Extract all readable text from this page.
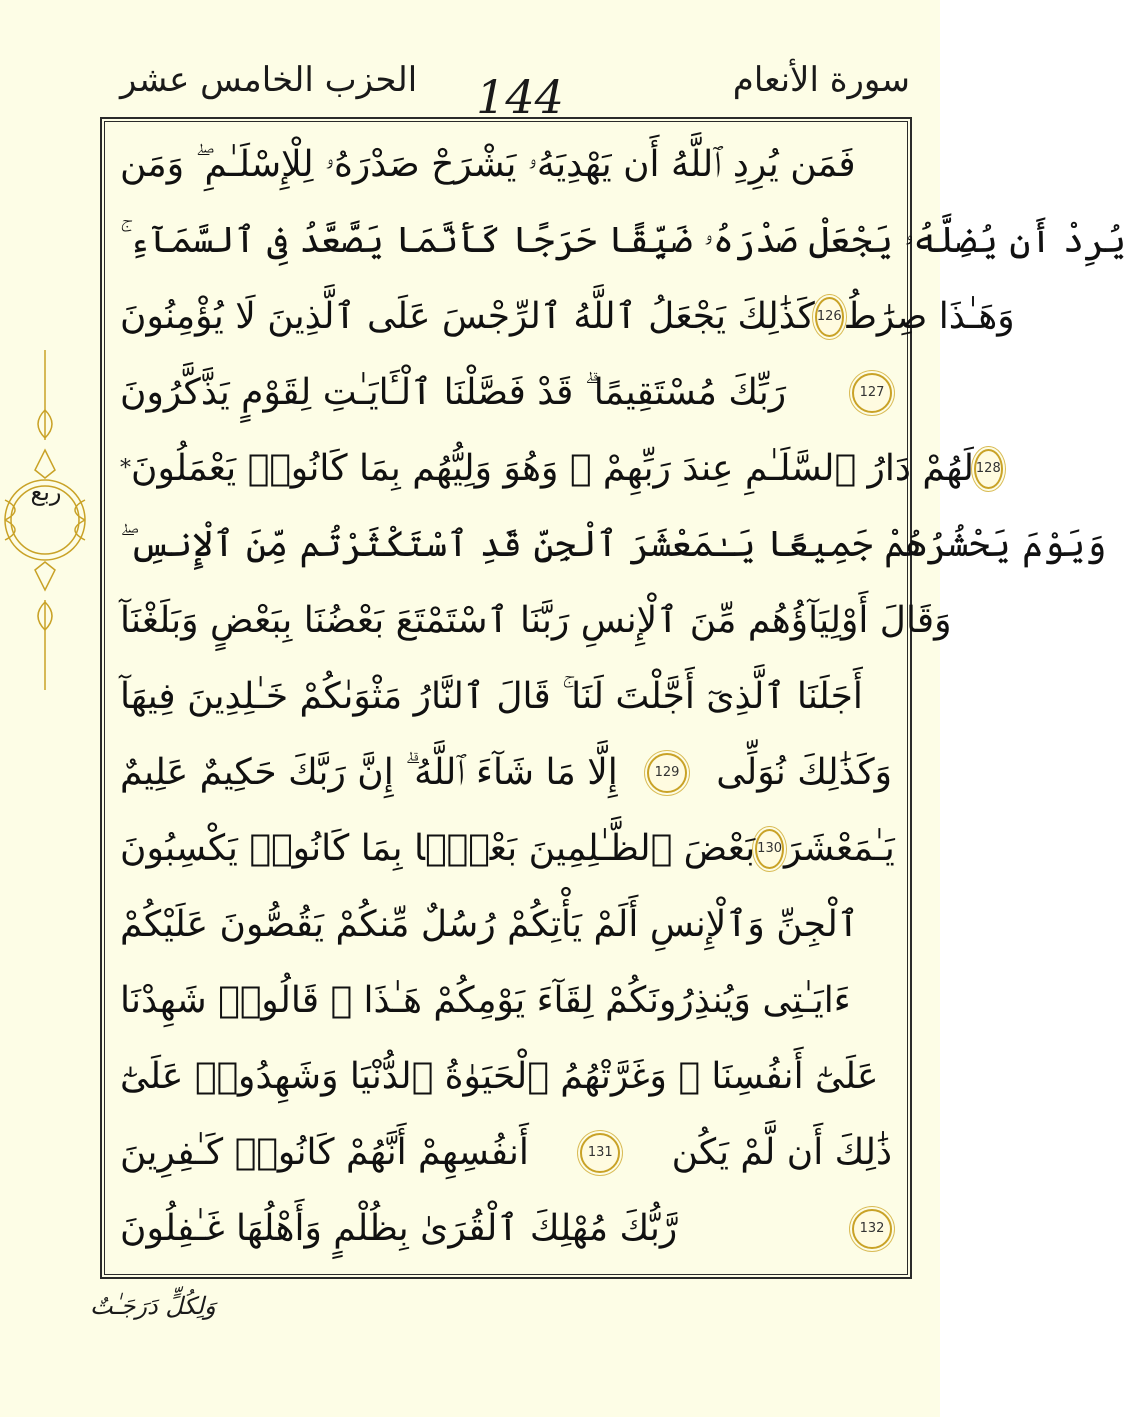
الحزب الخامس عشر 144	سورة الأنعام
ربع
فَمَن يُرِدِ ٱللَّهُ أَن يَهْدِيَهُۥ يَشْرَحْ صَدْرَهُۥ لِلْإِسْلَـٰمِ ۖ وَمَن
يُرِدْ أَن يُضِلَّهُۥ يَجْعَلْ صَدْرَهُۥ ضَيِّقًا حَرَجًا كَأَنَّمَا يَصَّعَّدُ فِى ٱلسَّمَآءِ ۚ
كَذَٰلِكَ يَجْعَلُ ٱللَّهُ ٱلرِّجْسَ عَلَى ٱلَّذِينَ لَا يُؤْمِنُونَ 126 وَهَـٰذَا صِرَٰطُ
رَبِّكَ مُسْتَقِيمًا ۗ قَدْ فَصَّلْنَا ٱلْـَٔايَـٰتِ لِقَوْمٍ يَذَّكَّرُونَ	127
* لَهُمْ دَارُ ٱلسَّلَـٰمِ عِندَ رَبِّهِمْ ۖ وَهُوَ وَلِيُّهُم بِمَا كَانُوا۟ يَعْمَلُونَ 128
وَيَوْمَ يَحْشُرُهُمْ جَمِيعًا يَـٰمَعْشَرَ ٱلْجِنِّ قَدِ ٱسْتَكْثَرْتُم مِّنَ ٱلْإِنسِ ۖ
وَقَالَ أَوْلِيَآؤُهُم مِّنَ ٱلْإِنسِ رَبَّنَا ٱسْتَمْتَعَ بَعْضُنَا بِبَعْضٍ وَبَلَغْنَآ
أَجَلَنَا ٱلَّذِىٓ أَجَّلْتَ لَنَا ۚ قَالَ ٱلنَّارُ مَثْوَىٰكُمْ خَـٰلِدِينَ فِيهَآ
إِلَّا مَا شَآءَ ٱللَّهُ ۗ إِنَّ رَبَّكَ حَكِيمٌ عَلِيمٌ	129 وَكَذَٰلِكَ نُوَلِّى
بَعْضَ ٱلظَّـٰلِمِينَ بَعْضًۢا بِمَا كَانُوا۟ يَكْسِبُونَ 130 يَـٰمَعْشَرَ
ٱلْجِنِّ وَٱلْإِنسِ أَلَمْ يَأْتِكُمْ رُسُلٌ مِّنكُمْ يَقُصُّونَ عَلَيْكُمْ
ءَايَـٰتِى وَيُنذِرُونَكُمْ لِقَآءَ يَوْمِكُمْ هَـٰذَا ۚ قَالُوا۟ شَهِدْنَا
عَلَىٰٓ أَنفُسِنَا ۖ وَغَرَّتْهُمُ ٱلْحَيَوٰةُ ٱلدُّنْيَا وَشَهِدُوا۟ عَلَىٰٓ
أَنفُسِهِمْ أَنَّهُمْ كَانُوا۟ كَـٰفِرِينَ	131 ذَٰلِكَ أَن لَّمْ يَكُن
رَّبُّكَ مُهْلِكَ ٱلْقُرَىٰ بِظُلْمٍ وَأَهْلُهَا غَـٰفِلُونَ	132
وَلِكُلٍّ دَرَجَـٰتٌ
